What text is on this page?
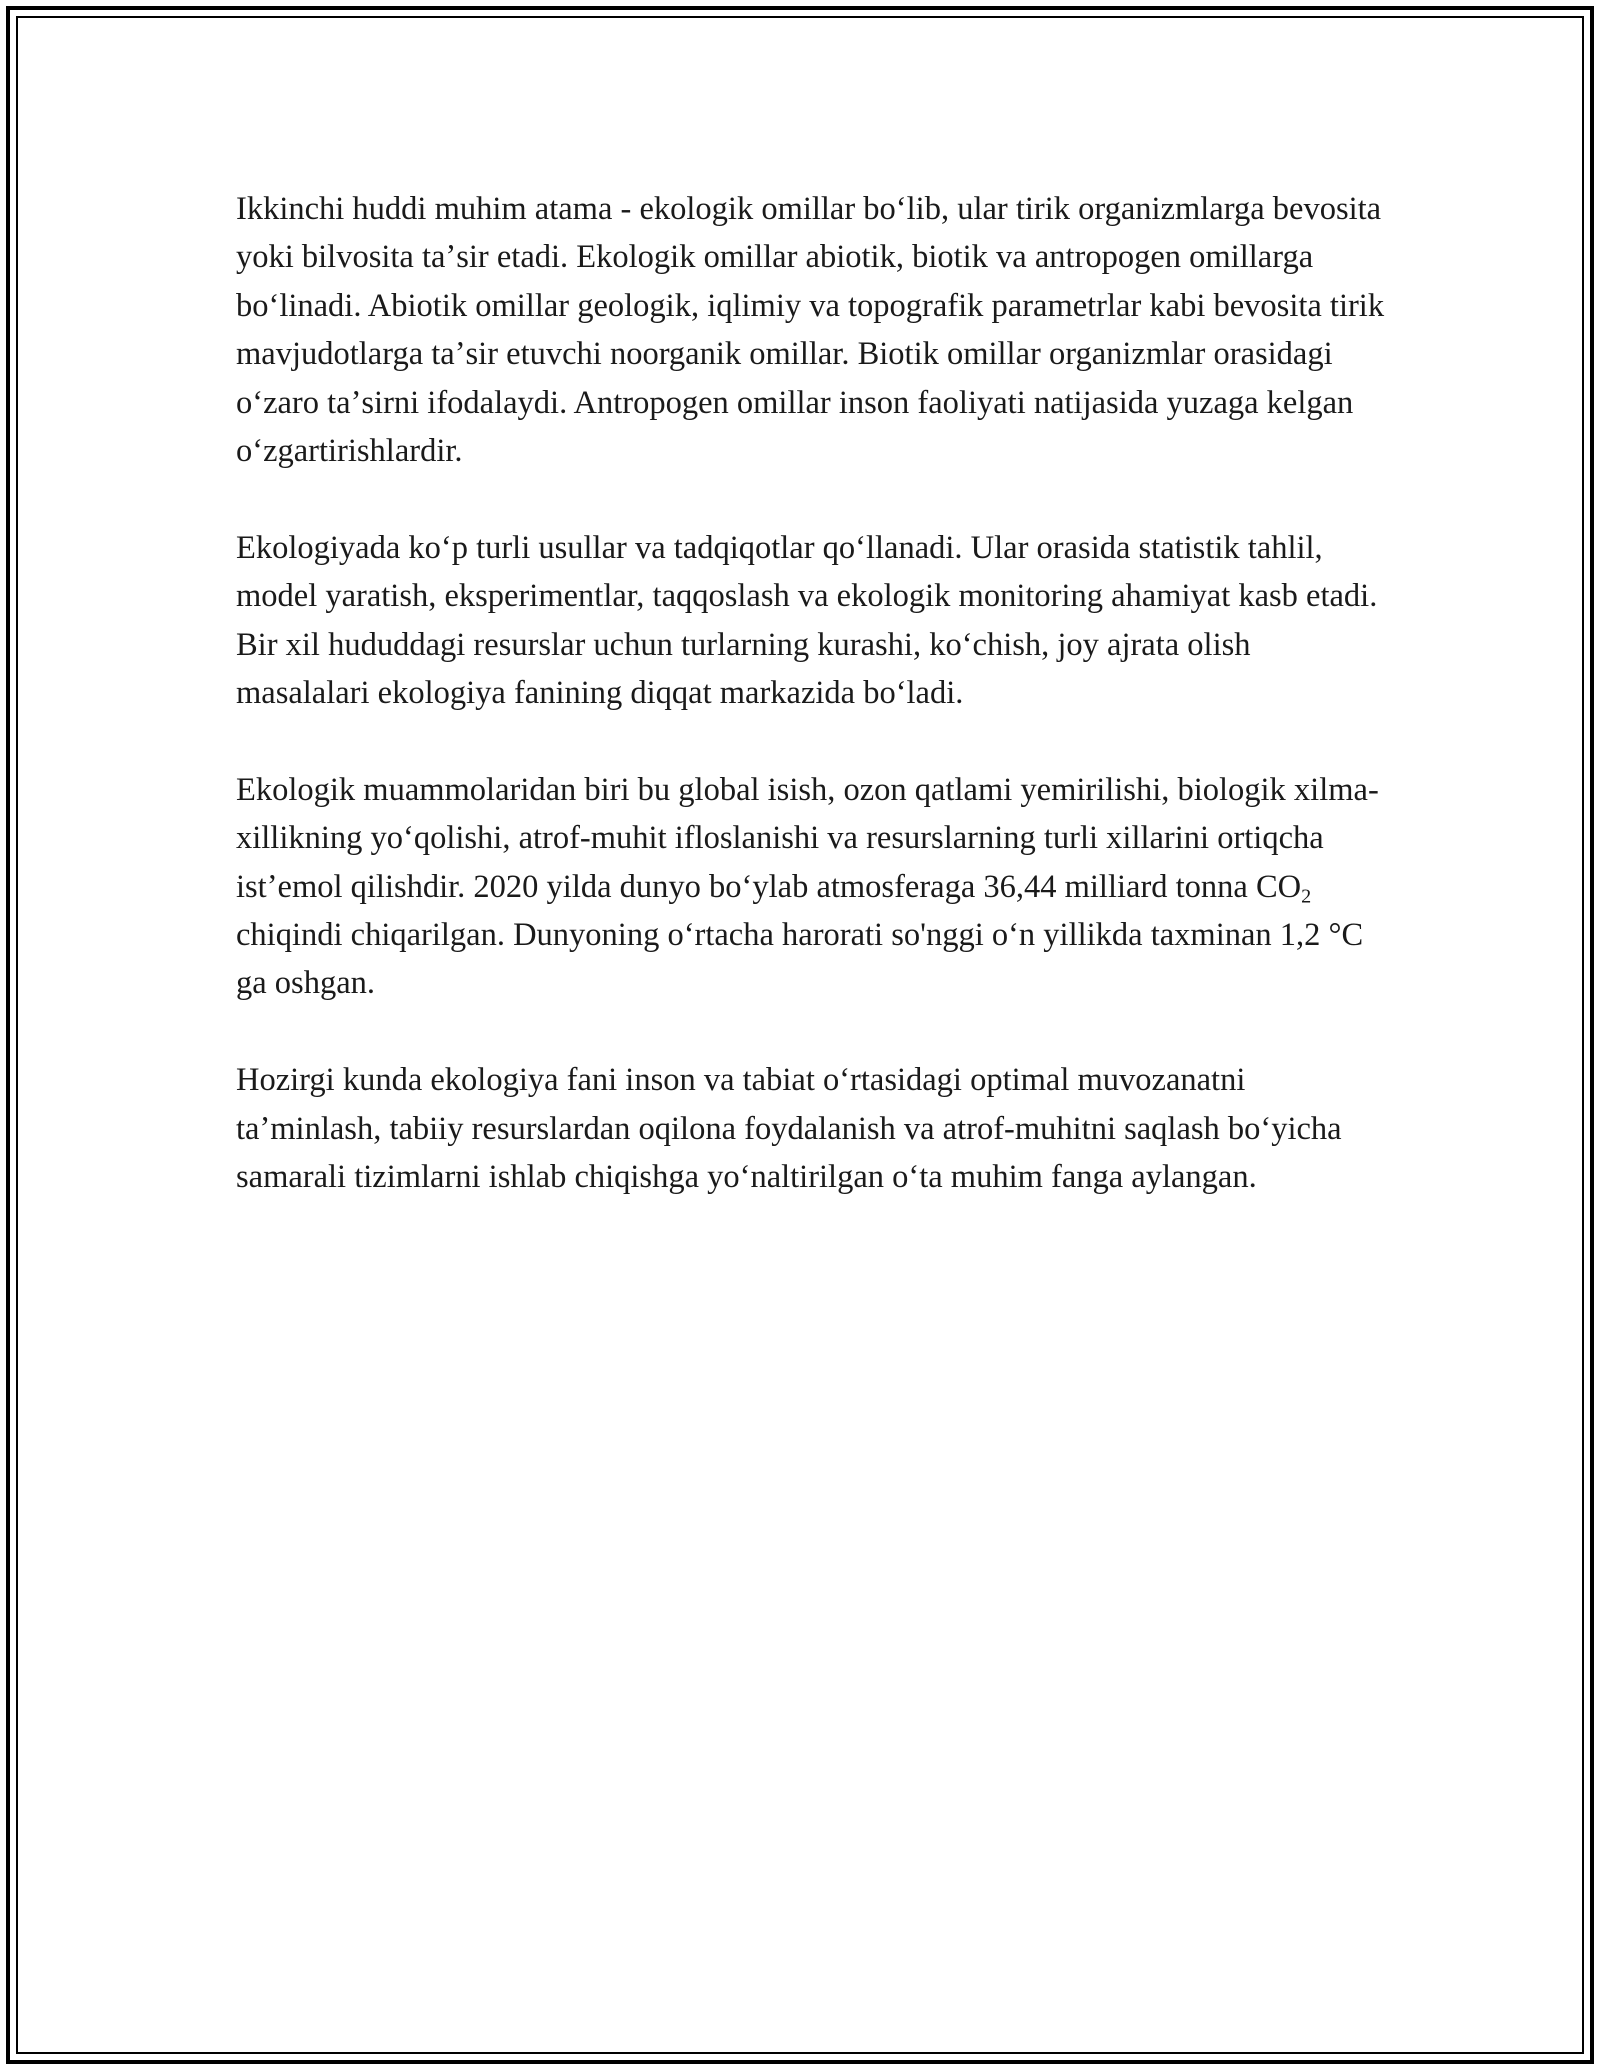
Ikkinchi huddi muhim atama - ekologik omillar boʻlib, ular tirik organizmlarga bevosita yoki bilvosita taʼsir etadi. Ekologik omillar abiotik, biotik va antropogen omillarga boʻlinadi. Abiotik omillar geologik, iqlimiy va topografik parametrlar kabi bevosita tirik mavjudotlarga taʼsir etuvchi noorganik omillar. Biotik omillar organizmlar orasidagi oʻzaro taʼsirni ifodalaydi. Antropogen omillar inson faoliyati natijasida yuzaga kelgan oʻzgartirishlardir.

Ekologiyada koʻp turli usullar va tadqiqotlar qoʻllanadi. Ular orasida statistik tahlil, model yaratish, eksperimentlar, taqqoslash va ekologik monitoring ahamiyat kasb etadi. Bir xil hududdagi resurslar uchun turlarning kurashi, koʻchish, joy ajrata olish masalalari ekologiya fanining diqqat markazida boʻladi.

Ekologik muammolaridan biri bu global isish, ozon qatlami yemirilishi, biologik xilma-xillikning yoʻqolishi, atrof-muhit ifloslanishi va resurslarning turli xillarini ortiqcha istʼemol qilishdir. 2020 yilda dunyo boʻylab atmosferaga 36,44 milliard tonna $CO_2$ chiqindi chiqarilgan. Dunyoning oʻrtacha harorati so'nggi oʻn yillikda taxminan 1,2 °C ga oshgan.

Hozirgi kunda ekologiya fani inson va tabiat oʻrtasidagi optimal muvozanatni taʼminlash, tabiiy resurslardan oqilona foydalanish va atrof-muhitni saqlash boʻyicha samarali tizimlarni ishlab chiqishga yoʻnaltirilgan oʻta muhim fanga aylangan.
